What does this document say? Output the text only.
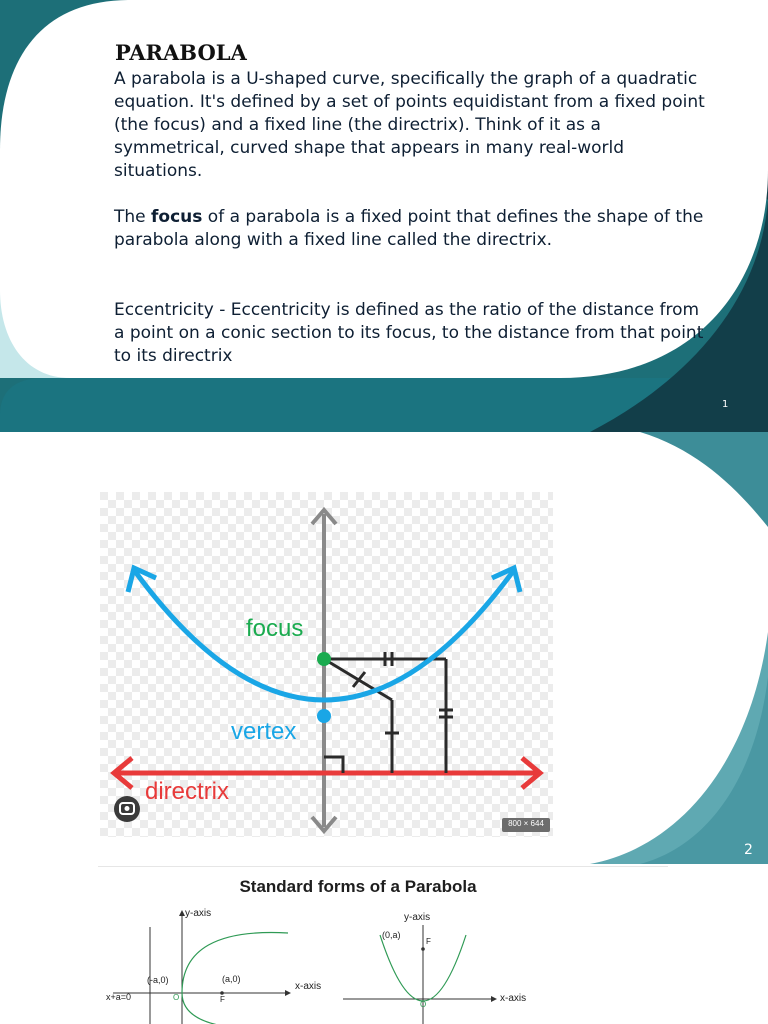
PARABOLA
A parabola is a U-shaped curve, specifically the graph of a quadratic equation. It's defined by a set of points equidistant from a fixed point (the focus) and a fixed line (the directrix). Think of it as a symmetrical, curved shape that appears in many real-world situations.
The focus of a parabola is a fixed point that defines the shape of the parabola along with a fixed line called the directrix.
Eccentricity - Eccentricity is defined as the ratio of the distance from a point on a conic section to its focus, to the distance from that point to its directrix
1
focus
vertex
directrix
800 × 644
2
Standard forms of a Parabola
y-axis
x-axis
(-a,0)	(a,0)
x+a=0	O	F
y-axis
(0,a)
F
x-axis
O
